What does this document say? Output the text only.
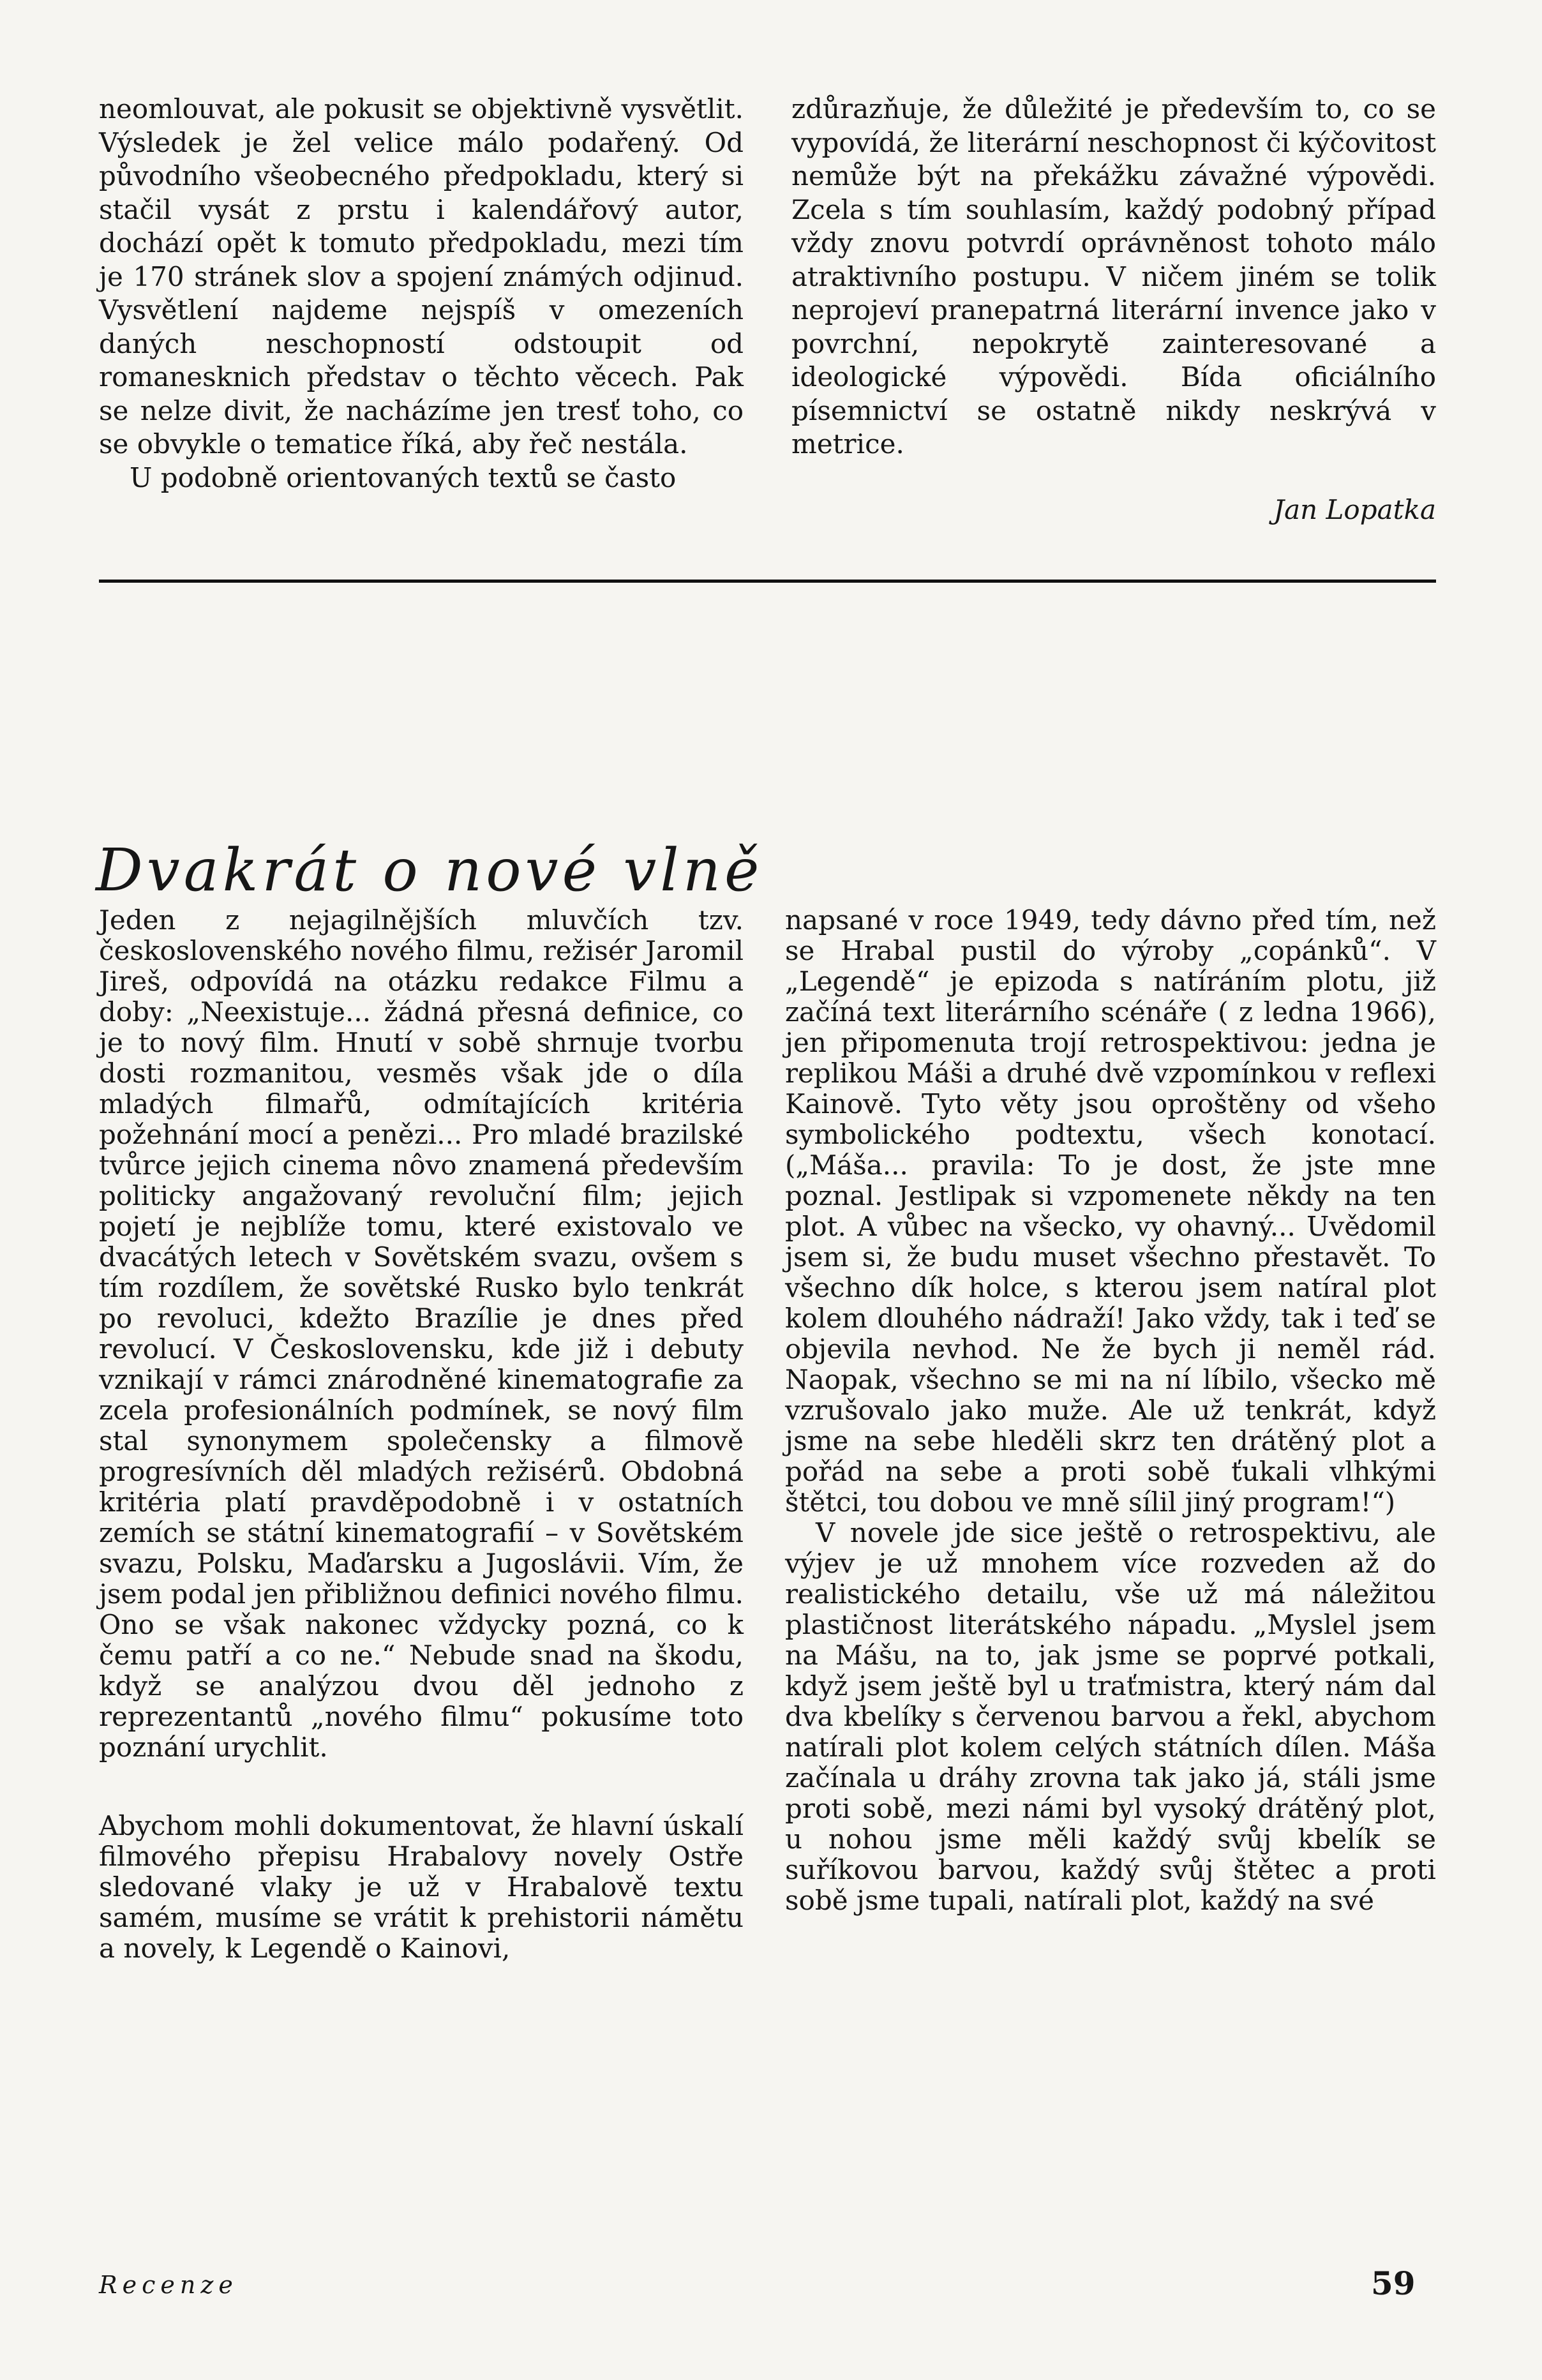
neomlouvat, ale pokusit se objektivně vysvětlit. Výsledek je žel velice málo podařený. Od původního všeobecného předpokladu, který si stačil vysát z prstu i kalendářový autor, dochází opět k tomuto předpokladu, mezi tím je 170 stránek slov a spojení známých odjinud. Vysvětlení najdeme nejspíš v omezeních daných neschopností odstoupit od romanesknich představ o těchto věcech. Pak se nelze divit, že nacházíme jen tresť toho, co se obvykle o tematice říká, aby řeč nestála.

U podobně orientovaných textů se často

zdůrazňuje, že důležité je především to, co se vypovídá, že literární neschopnost či kýčovitost nemůže být na překážku závažné výpovědi. Zcela s tím souhlasím, každý podobný případ vždy znovu potvrdí oprávněnost tohoto málo atraktivního postupu. V ničem jiném se tolik neprojeví pranepatrná literární invence jako v povrchní, nepokrytě zainteresované a ideologické výpovědi. Bída oficiálního písemnictví se ostatně nikdy neskrývá v metrice.

Jan Lopatka

Dvakrát o nové vlně

Jeden z nejagilnějších mluvčích tzv. československého nového filmu, režisér Jaromil Jireš, odpovídá na otázku redakce Filmu a doby: „Neexistuje... žádná přesná definice, co je to nový film. Hnutí v sobě shrnuje tvorbu dosti rozmanitou, vesměs však jde o díla mladých filmařů, odmítajících kritéria požehnání mocí a penězi... Pro mladé brazilské tvůrce jejich cinema nôvo znamená především politicky angažovaný revoluční film; jejich pojetí je nejblíže tomu, které existovalo ve dvacátých letech v Sovětském svazu, ovšem s tím rozdílem, že sovětské Rusko bylo tenkrát po revoluci, kdežto Brazílie je dnes před revolucí. V Československu, kde již i debuty vznikají v rámci znárodněné kinematografie za zcela profesionálních podmínek, se nový film stal synonymem společensky a filmově progresívních děl mladých režisérů. Obdobná kritéria platí pravděpodobně i v ostatních zemích se státní kinematografií – v Sovětském svazu, Polsku, Maďarsku a Jugoslávii. Vím, že jsem podal jen přibližnou definici nového filmu. Ono se však nakonec vždycky pozná, co k čemu patří a co ne.“ Nebude snad na škodu, když se analýzou dvou děl jednoho z reprezentantů „nového filmu“ pokusíme toto poznání urychlit.

Abychom mohli dokumentovat, že hlavní úskalí filmového přepisu Hrabalovy novely Ostře sledované vlaky je už v Hrabalově textu samém, musíme se vrátit k prehistorii námětu a novely, k Legendě o Kainovi,

napsané v roce 1949, tedy dávno před tím, než se Hrabal pustil do výroby „copánků“. V „Legendě“ je epizoda s natíráním plotu, již začíná text literárního scénáře ( z ledna 1966), jen připomenuta trojí retrospektivou: jedna je replikou Máši a druhé dvě vzpomínkou v reflexi Kainově. Tyto věty jsou oproštěny od všeho symbolického podtextu, všech konotací. („Máša... pravila: To je dost, že jste mne poznal. Jestlipak si vzpomenete někdy na ten plot. A vůbec na všecko, vy ohavný... Uvědomil jsem si, že budu muset všechno přestavět. To všechno dík holce, s kterou jsem natíral plot kolem dlouhého nádraží! Jako vždy, tak i teď se objevila nevhod. Ne že bych ji neměl rád. Naopak, všechno se mi na ní líbilo, všecko mě vzrušovalo jako muže. Ale už tenkrát, když jsme na sebe hleděli skrz ten drátěný plot a pořád na sebe a proti sobě ťukali vlhkými štětci, tou dobou ve mně sílil jiný program!“)

V novele jde sice ještě o retrospektivu, ale výjev je už mnohem více rozveden až do realistického detailu, vše už má náležitou plastičnost literátského nápadu. „Myslel jsem na Mášu, na to, jak jsme se poprvé potkali, když jsem ještě byl u traťmistra, který nám dal dva kbelíky s červenou barvou a řekl, abychom natírali plot kolem celých státních dílen. Máša začínala u dráhy zrovna tak jako já, stáli jsme proti sobě, mezi námi byl vysoký drátěný plot, u nohou jsme měli každý svůj kbelík se suříkovou barvou, každý svůj štětec a proti sobě jsme tupali, natírali plot, každý na své

Recenze	59
